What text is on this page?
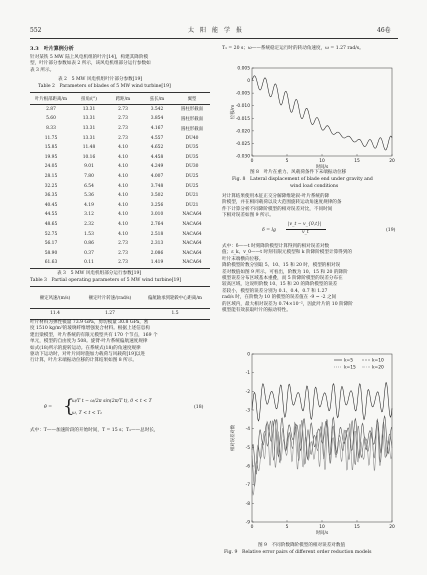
552	太　阳　能　学　报	46卷
3.3　叶片算例分析
针对某铁 5 MW 陆上风电机组的叶片[14]，构建其降阶模
型，叶片部分参数如表 2 所示，该风电机组部分运行参数如
表 3 所示。
表 2　5 MW 风电机组叶片部分参数[19]
Table 2　Parameters of blades of 5 MW wind turbine[19]
叶片根部距离/m	扭角/(°)	跨距/m	弦长/m	翼型
2.87	13.31	2.73	3.542	圆柱形截面
5.60	13.31	2.73	3.854	圆柱形截面
8.33	13.31	2.73	4.167	圆柱形截面
11.75	13.31	2.73	4.557	DU40
15.85	11.48	4.10	4.652	DU35
19.95	10.16	4.10	4.458	DU35
24.05	9.01	4.10	4.249	DU30
28.15	7.80	4.10	4.007	DU25
32.25	6.54	4.10	3.748	DU25
36.35	5.36	4.10	3.502	DU21
40.45	4.19	4.10	3.256	DU21
44.55	3.12	4.10	3.010	NACA64
48.65	2.32	4.10	2.764	NACA64
52.75	1.53	4.10	2.518	NACA64
56.17	0.86	2.73	2.313	NACA64
58.90	0.37	2.73	2.086	NACA64
61.63	0.11	2.73	1.419	NACA64
表 3　5 MW 风电机组部分运行参数[19]
Table 3　Partial operating parameters of 5 MW wind turbine[19]
额定风速/(m/s)	额定叶片转速/(rad/s)	偏航轴承到轮毂中心距离/m
11.4	1.27	1.5
叶片材料为弹性模量 73.9 GPa，剪切模量 30.8 GPa，密
度 1510 kg/m³的玻璃纤维增强复合材料。根据上述信息构
建出梁模型，叶片系统的有限元模型共有 170 个节点，169 个
单元，模型的自由度为 508。旋臂-叶片系统偏航速度规律
如式(18)所示的旋转运动。在系统式(18)的角速度规律
驱动下运动时，对叶片同时施加力载荷与风载荷[19]以进
行计算，叶片未端振动位移的计算结果如图 8 所示。
θ̇ = {
ω/T t − ω/2π sin(2π/T t), 0 < t < T
ω, T < t < T₁
(18)
式中：T——加速阶段的开始时间，T = 15 s；T₁——总时长，
T₁ = 20 s；ω——系统稳定运行时的转动角速度，ω = 1.27 rad/s。
0	5	10	15	20
0.005
0
-0.005
-0.010
-0.015
-0.020
-0.025
-0.030
时间/s
位移/m
图 8　叶片在重力、风载荷条件下末端振动位移
Fig. 8　Lateral displacement of blade end under gravity and
wind load conditions
对计算结果使用本征正交分解降维轮叙-叶片系统的降
阶模型，并在相同载荷以及大范围旋转运动角速度规律的条
件下计算分析不同降阶模型的相对误差对比，不同时间
下相对误差如图 9 所示。
δ = lg
|v_t − v_{0,t}|
v_t	(19)
式中：δ——t 时刻降阶模型计算得到的相对误差对数
值；ε_k、v_0——t 时刻有限元模型和 k 阶降阶模型计算得到的
叶片末端横向位移。
降阶模型阶数分别取 5、10、15 和 20 时，模型的相对误
差对数值如图 9 所示。可看出，阶数为 10、15 和 20 的降阶
模型误差分布区域基本重叠，而 5 阶降阶模型的误差分布在
较高区域，这说明阶数 10、15 和 20 的降阶模型的误差
差较小，模型的误差分别为 0.1、0.4、0.7 和 1.27
rad/s 时，在阶数为 10 的模型的误差值在 -9 ~ -2 之间
的区域内，最大相对误差为 0.74×10⁻²，因此叶片的 10 阶降阶
模型能有效获取叶片的振动特性。
0	5	10	15	20
0
-1
-2
-3
-4
-5
-6
-7
-8
-9
时间/s
相对误差对数
k=5	k=10
k=15	k=20
图 9　不同阶数降阶模型的相对误差对数值
Fig. 9　Relative error pairs of different order reduction models
